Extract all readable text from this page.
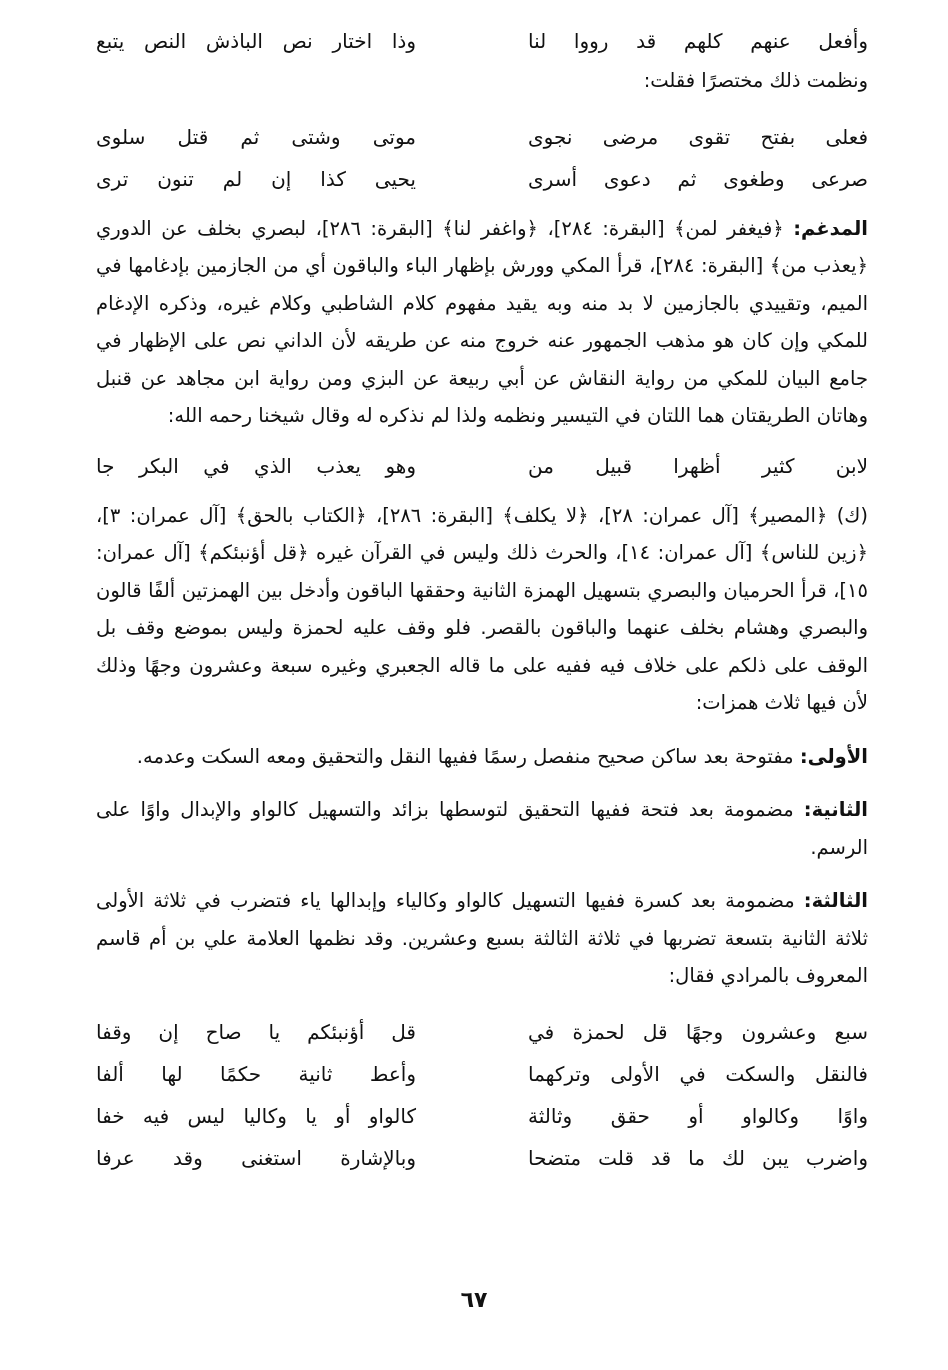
وأفعل عنهم كلهم قد رووا لنا
وذا اختار نص الباذش النص يتبع

ونظمت ذلك مختصرًا فقلت:

فعلى بفتح تقوى مرضى نجوى
موتى وشتى ثم قتل سلوى
صرعى وطغوى ثم دعوى أسرى
يحيى كذا إن لم تنون ترى

المدغم: ﴿فيغفر لمن﴾ [البقرة: ٢٨٤]، ﴿واغفر لنا﴾ [البقرة: ٢٨٦]، لبصري بخلف عن الدوري ﴿يعذب من﴾ [البقرة: ٢٨٤]، قرأ المكي وورش بإظهار الباء والباقون أي من الجازمين بإدغامها في الميم، وتقييدي بالجازمين لا بد منه وبه يقيد مفهوم كلام الشاطبي وكلام غيره، وذكره الإدغام للمكي وإن كان هو مذهب الجمهور عنه خروج منه عن طريقه لأن الداني نص على الإظهار في جامع البيان للمكي من رواية النقاش عن أبي ربيعة عن البزي ومن رواية ابن مجاهد عن قنبل وهاتان الطريقتان هما اللتان في التيسير ونظمه ولذا لم نذكره له وقال شيخنا رحمه الله:

لابن كثير أظهرا قبيل من
وهو يعذب الذي في البكر جا

(ك) ﴿المصير﴾ [آل عمران: ٢٨]، ﴿لا يكلف﴾ [البقرة: ٢٨٦]، ﴿الكتاب بالحق﴾ [آل عمران: ٣]، ﴿زين للناس﴾ [آل عمران: ١٤]، والحرث ذلك وليس في القرآن غيره ﴿قل أؤنبئكم﴾ [آل عمران: ١٥]، قرأ الحرميان والبصري بتسهيل الهمزة الثانية وحققها الباقون وأدخل بين الهمزتين ألفًا قالون والبصري وهشام بخلف عنهما والباقون بالقصر. فلو وقف عليه لحمزة وليس بموضع وقف بل الوقف على ذلكم على خلاف فيه ففيه على ما قاله الجعبري وغيره سبعة وعشرون وجهًا وذلك لأن فيها ثلاث همزات:

الأولى: مفتوحة بعد ساكن صحيح منفصل رسمًا ففيها النقل والتحقيق ومعه السكت وعدمه.

الثانية: مضمومة بعد فتحة ففيها التحقيق لتوسطها بزائد والتسهيل كالواو والإبدال واوًا على الرسم.

الثالثة: مضمومة بعد كسرة ففيها التسهيل كالواو وكالياء وإبدالها ياء فتضرب في ثلاثة الأولى ثلاثة الثانية بتسعة تضربها في ثلاثة الثالثة بسبع وعشرين. وقد نظمها العلامة علي بن أم قاسم المعروف بالمرادي فقال:

سبع وعشرون وجهًا قل لحمزة في
قل أؤنبئكم يا صاح إن وقفا
فالنقل والسكت في الأولى وتركهما
وأعط ثانية حكمًا لها ألفا
واوًا وكالواو أو حقق وثالثة
كالواو أو يا وكاليا ليس فيه خفا
واضرب يبن لك ما قد قلت متضحا
وبالإشارة استغنى وقد عرفا
٦٧
